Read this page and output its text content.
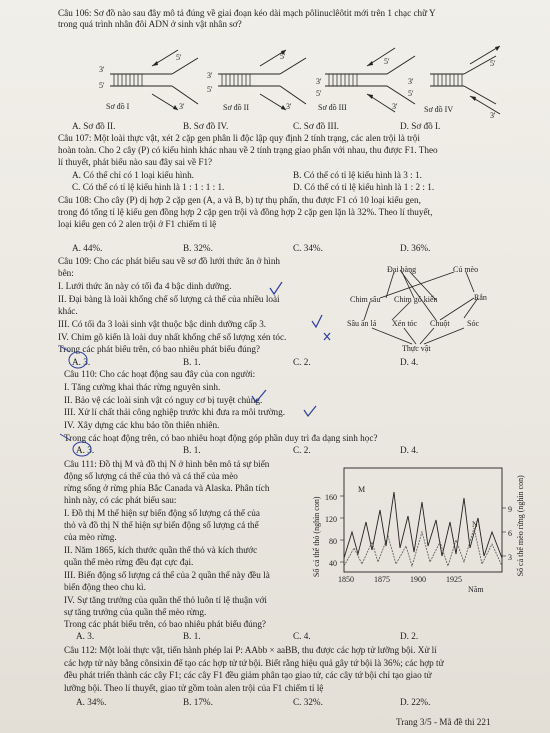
Câu 106: Sơ đồ nào sau đây mô tả đúng về giai đoạn kéo dài mạch pôlinuclêôtit mới trên 1 chạc chữ Y
trong quá trình nhân đôi ADN ở sinh vật nhân sơ?
3'
5'
5'
3'
3'
5'
5'
3'
3'
5'
5'
3'
3'
5'
5'
3'
Sơ đồ I	Sơ đồ II	Sơ đồ III	Sơ đồ IV
A. Sơ đồ II.	B. Sơ đồ IV.	C. Sơ đồ III.	D. Sơ đồ I.
Câu 107: Một loài thực vật, xét 2 cặp gen phân li độc lập quy định 2 tính trạng, các alen trội là trội
hoàn toàn. Cho 2 cây (P) có kiểu hình khác nhau về 2 tính trạng giao phấn với nhau, thu được F1. Theo
lí thuyết, phát biểu nào sau đây sai về F1?
A. Có thể chỉ có 1 loại kiểu hình.	B. Có thể có tỉ lệ kiểu hình là 3 : 1.
C. Có thể có tỉ lệ kiểu hình là 1 : 1 : 1 : 1.	D. Có thể có tỉ lệ kiểu hình là 1 : 2 : 1.
Câu 108: Cho cây (P) dị hợp 2 cặp gen (A, a và B, b) tự thụ phấn, thu được F1 có 10 loại kiểu gen,
trong đó tổng tỉ lệ kiểu gen đồng hợp 2 cặp gen trội và đồng hợp 2 cặp gen lặn là 32%. Theo lí thuyết,
loại kiểu gen có 2 alen trội ở F1 chiếm tỉ lệ
A. 44%.	B. 32%.	C. 34%.	D. 36%.
Câu 109: Cho các phát biểu sau về sơ đồ lưới thức ăn ở hình
bên:
I. Lưới thức ăn này có tối đa 4 bậc dinh dưỡng.
II. Đại bàng là loài khống chế số lượng cả thể của nhiều loài
khác.
III. Có tối đa 3 loài sinh vật thuộc bậc dinh dưỡng cấp 3.
IV. Chim gõ kiến là loài duy nhất khống chế số lượng xén tóc.
Trong các phát biểu trên, có bao nhiêu phát biểu đúng?
Đại bàng	Cú mèo
Chim sâu Chim gõ kiến	Rắn
Sâu ăn lá Xén tóc Chuột Sóc
Thực vật
A. 3.	B. 1.	C. 2.	D. 4.
Câu 110: Cho các hoạt động sau đây của con người:
I. Tăng cường khai thác rừng nguyên sinh.
II. Bảo vệ các loài sinh vật có nguy cơ bị tuyệt chủng.
III. Xử lí chất thải công nghiệp trước khi đưa ra môi trường.
IV. Xây dựng các khu bảo tồn thiên nhiên.
Trong các hoạt động trên, có bao nhiêu hoạt động góp phần duy trì đa dạng sinh học?
A. 3.	B. 1.	C. 2.	D. 4.
Câu 111: Đồ thị M và đồ thị N ở hình bên mô tả sự biến
động số lượng cá thể của thỏ và cá thể của mèo
rừng sống ở rừng phía Bắc Canada và Alaska. Phân tích
hình này, có các phát biểu sau:
I. Đồ thị M thể hiện sự biến động số lượng cá thể của
thỏ và đồ thị N thể hiện sự biến động số lượng cá thể
của mèo rừng.
II. Năm 1865, kích thước quần thể thỏ và kích thước
quần thể mèo rừng đều đạt cực đại.
III. Biến động số lượng cá thể của 2 quần thể này đều là
biến động theo chu kì.
IV. Sự tăng trưởng của quần thể thỏ luôn tỉ lệ thuận với
sự tăng trưởng của quần thể mèo rừng.
Trong các phát biểu trên, có bao nhiêu phát biểu đúng?
A. 3.	B. 1.	C. 4.	D. 2.
M
N
160
120
80
40
9
6
3
1850	1875	1900	1925
Năm
Số cá thể thỏ (nghìn con)	Số cá thể mèo rừng (nghìn con)
Câu 112: Một loài thực vật, tiến hành phép lai P: AAbb × aaBB, thu được các hợp tử lưỡng bội. Xử lí
các hợp tử này bằng cônsixin để tạo các hợp tử tứ bội. Biết rằng hiệu quả gây tứ bội là 36%; các hợp tử
đều phát triển thành các cây F1; các cây F1 đều giảm phân tạo giao tử, các cây tứ bội chỉ tạo giao tử
lưỡng bội. Theo lí thuyết, giao tử gồm toàn alen trội của F1 chiếm tỉ lệ
A. 34%.	B. 17%.	C. 32%.	D. 22%.
Trang 3/5 - Mã đề thi 221
